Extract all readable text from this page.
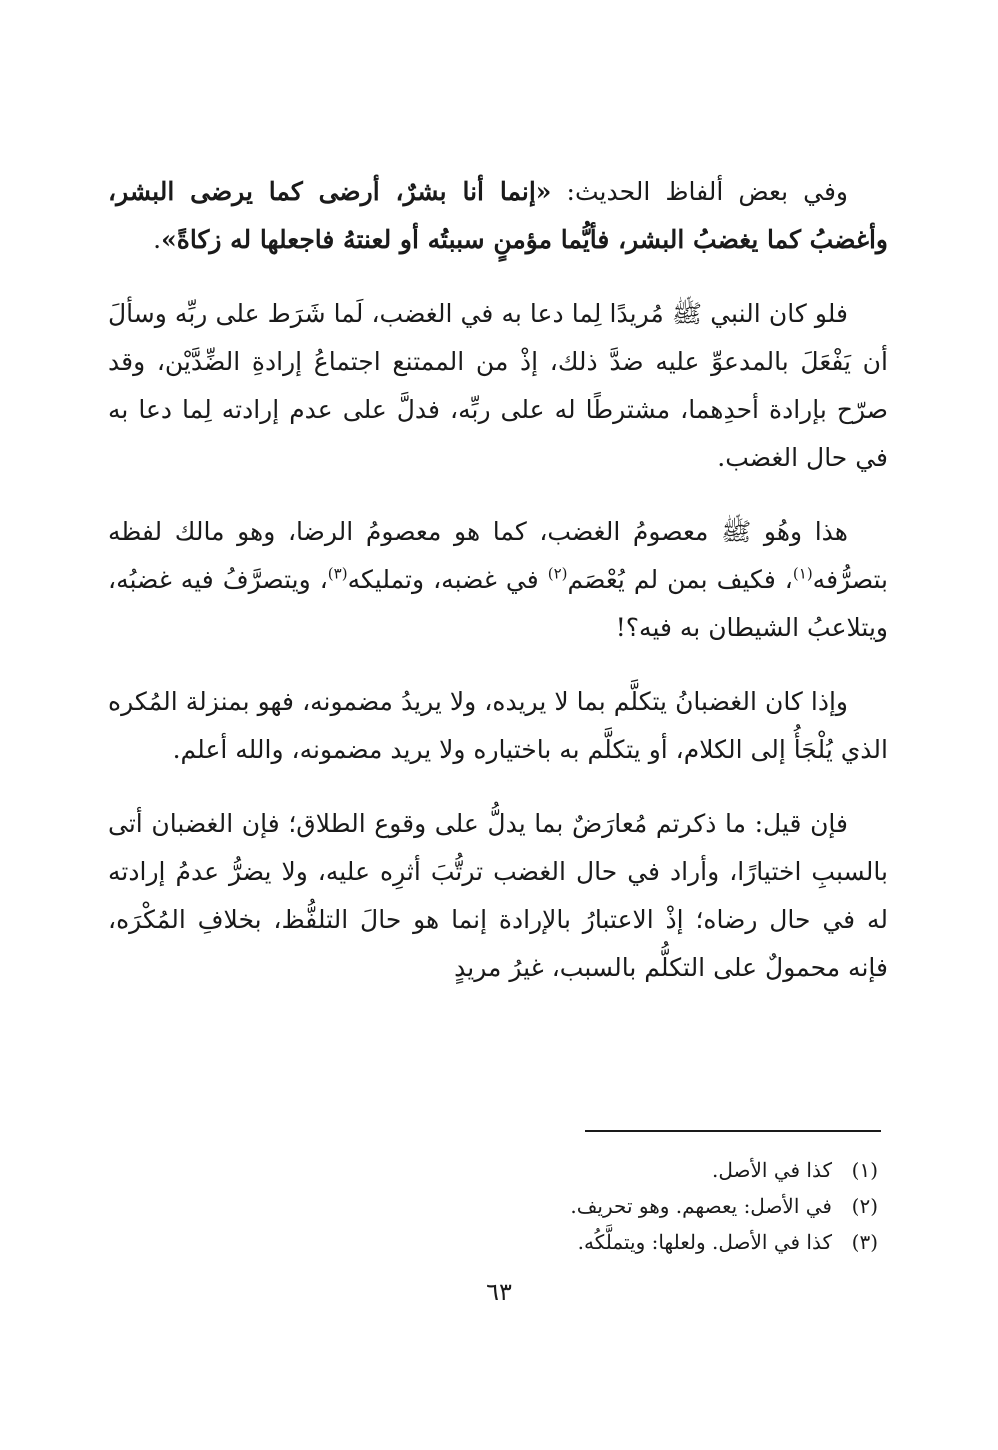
وفي بعض ألفاظ الحديث: «إنما أنا بشرٌ، أرضى كما يرضى البشر، وأغضبُ كما يغضبُ البشر، فأيُّما مؤمنٍ سببتُه أو لعنتهُ فاجعلها له زكاةً».

فلو كان النبي ﷺ مُريدًا لِما دعا به في الغضب، لَما شَرَط على ربِّه وسألَ أن يَفْعَلَ بالمدعوِّ عليه ضدَّ ذلك، إذْ من الممتنع اجتماعُ إرادةِ الضِّدَّيْن، وقد صرّح بإرادة أحدِهما، مشترطًا له على ربِّه، فدلَّ على عدم إرادته لِما دعا به في حال الغضب.

هذا وهُو ﷺ معصومُ الغضب، كما هو معصومُ الرضا، وهو مالك لفظه بتصرُّفه$^{(١)}$، فكيف بمن لم يُعْصَم$^{(٢)}$ في غضبه، وتمليكه$^{(٣)}$، ويتصرَّفُ فيه غضبُه، ويتلاعبُ الشيطان به فيه؟!

وإذا كان الغضبانُ يتكلَّم بما لا يريده، ولا يريدُ مضمونه، فهو بمنزلة المُكره الذي يُلْجَأُ إلى الكلام، أو يتكلَّم به باختياره ولا يريد مضمونه، والله أعلم.

فإن قيل: ما ذكرتم مُعارَضٌ بما يدلُّ على وقوع الطلاق؛ فإن الغضبان أتى بالسببِ اختيارًا، وأراد في حال الغضب ترتُّبَ أثرِه عليه، ولا يضرُّ عدمُ إرادته له في حال رضاه؛ إذْ الاعتبارُ بالإرادة إنما هو حالَ التلفُّظ، بخلافِ المُكْرَه، فإنه محمولٌ على التكلُّم بالسبب، غيرُ مريدٍ

(١)كذا في الأصل.

(٢)في الأصل: يعصهم. وهو تحريف.

(٣)كذا في الأصل. ولعلها: ويتملَّكُه.

٦٣
